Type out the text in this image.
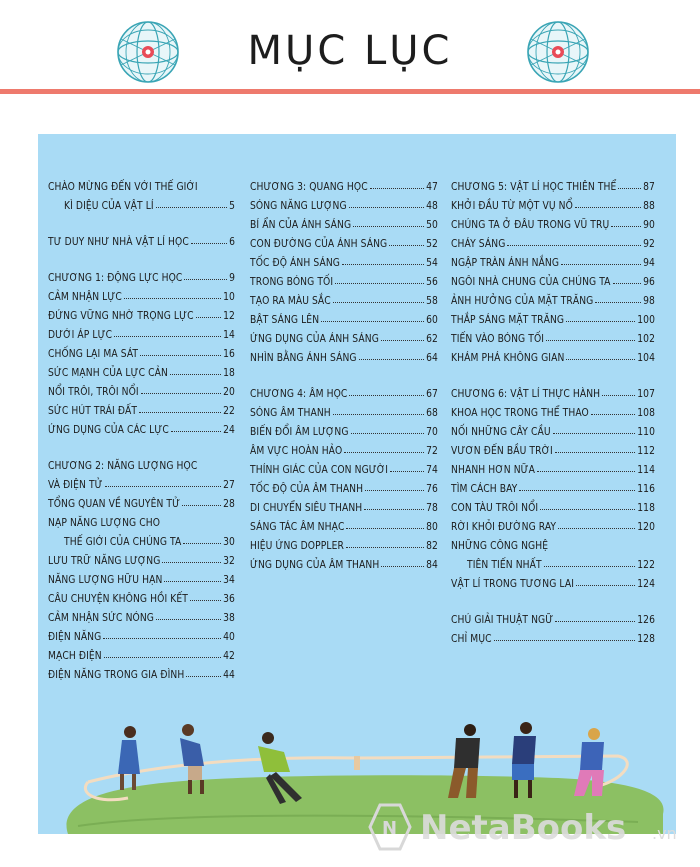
MỤC LỤC
CHÀO MỪNG ĐẾN VỚI THẾ GIỚI
KÌ DIỆU CỦA VẬT LÍ	5
TƯ DUY NHƯ NHÀ VẬT LÍ HỌC	6
CHƯƠNG 1: ĐỘNG LỰC HỌC	9
CẢM NHẬN LỰC	10
ĐỨNG VỮNG NHỜ TRỌNG LỰC	12
DƯỚI ÁP LỰC	14
CHỐNG LẠI MA SÁT	16
SỨC MẠNH CỦA LỰC CẢN	18
NỔI TRÔI, TRÔI NỔI	20
SỨC HÚT TRÁI ĐẤT	22
ỨNG DỤNG CỦA CÁC LỰC	24
CHƯƠNG 2: NĂNG LƯỢNG HỌC
VÀ ĐIỆN TỬ	27
TỔNG QUAN VỀ NGUYÊN TỬ	28
NẠP NĂNG LƯỢNG CHO
THẾ GIỚI CỦA CHÚNG TA	30
LƯU TRỮ NĂNG LƯỢNG	32
NĂNG LƯỢNG HỮU HẠN	34
CÂU CHUYỆN KHÔNG HỒI KẾT	36
CẢM NHẬN SỨC NÓNG	38
ĐIỆN NĂNG	40
MẠCH ĐIỆN	42
ĐIỆN NĂNG TRONG GIA ĐÌNH	44
CHƯƠNG 3: QUANG HỌC	47
SÓNG NĂNG LƯỢNG	48
BÍ ẨN CỦA ÁNH SÁNG	50
CON ĐƯỜNG CỦA ÁNH SÁNG	52
TỐC ĐỘ ÁNH SÁNG	54
TRONG BÓNG TỐI	56
TẠO RA MÀU SẮC	58
BẬT SÁNG LÊN	60
ỨNG DỤNG CỦA ÁNH SÁNG	62
NHÌN BẰNG ÁNH SÁNG	64
CHƯƠNG 4: ÂM HỌC	67
SÓNG ÂM THANH	68
BIẾN ĐỔI ÂM LƯỢNG	70
ÂM VỰC HOÀN HẢO	72
THÍNH GIÁC CỦA CON NGƯỜI	74
TỐC ĐỘ CỦA ÂM THANH	76
DI CHUYỂN SIÊU THANH	78
SÁNG TÁC ÂM NHẠC	80
HIỆU ỨNG DOPPLER	82
ỨNG DỤNG CỦA ÂM THANH	84
CHƯƠNG 5: VẬT LÍ HỌC THIÊN THỂ	87
KHỞI ĐẦU TỪ MỘT VỤ NỔ	88
CHÚNG TA Ở ĐÂU TRONG VŨ TRỤ	90
CHÁY SÁNG	92
NGẬP TRÀN ÁNH NẮNG	94
NGÔI NHÀ CHUNG CỦA CHÚNG TA	96
ẢNH HƯỞNG CỦA MẶT TRĂNG	98
THẮP SÁNG MẶT TRĂNG	100
TIẾN VÀO BÓNG TỐI	102
KHÁM PHÁ KHÔNG GIAN	104
CHƯƠNG 6: VẬT LÍ THỰC HÀNH	107
KHOA HỌC TRONG THỂ THAO	108
NỐI NHỮNG CÂY CẦU	110
VƯƠN ĐẾN BẦU TRỜI	112
NHANH HƠN NỮA	114
TÌM CÁCH BAY	116
CON TÀU TRÔI NỔI	118
RỜI KHỎI ĐƯỜNG RAY	120
NHỮNG CÔNG NGHỆ
TIÊN TIẾN NHẤT	122
VẬT LÍ TRONG TƯƠNG LAI	124
CHÚ GIẢI THUẬT NGỮ	126
CHỈ MỤC	128
N NetaBooks .vn
